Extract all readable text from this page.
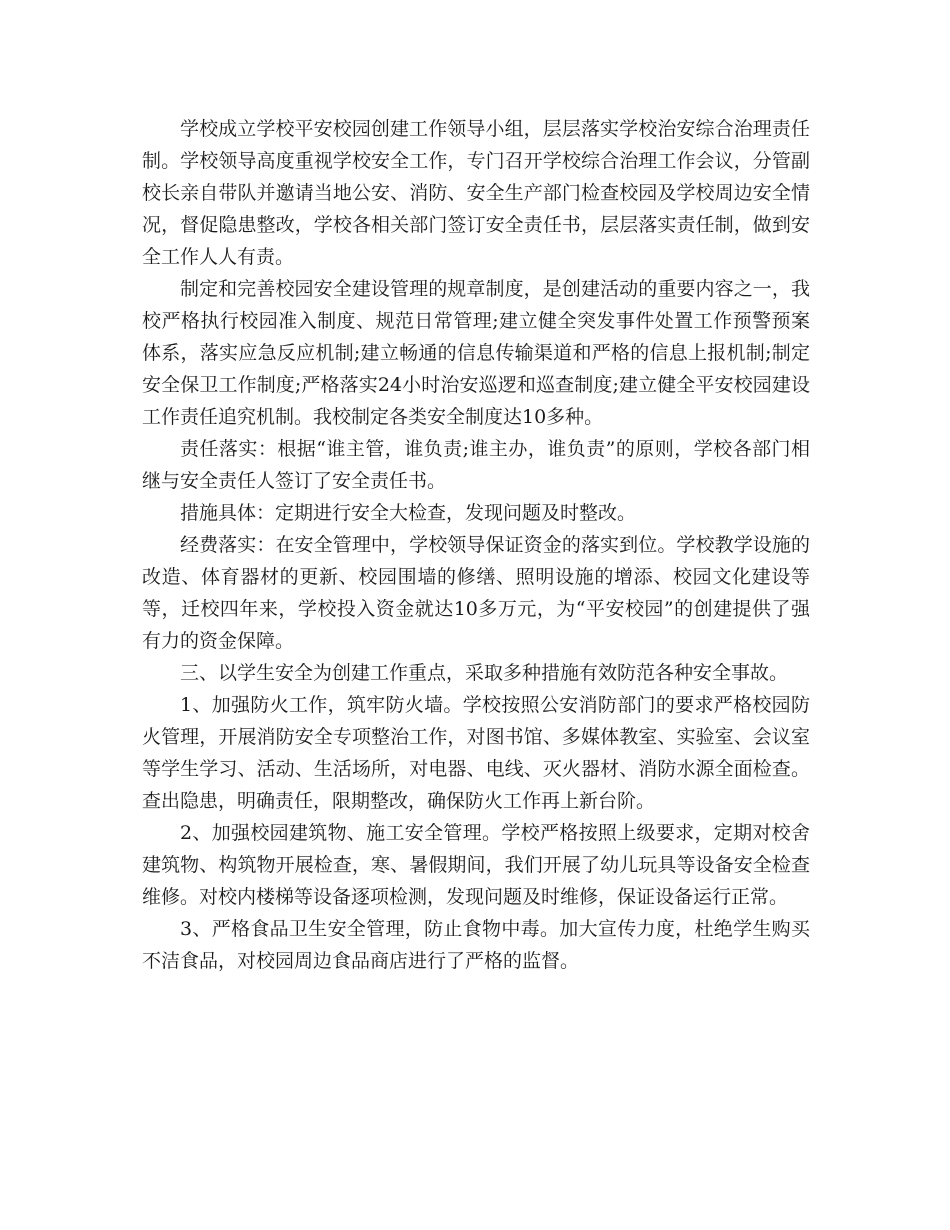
学校成立学校平安校园创建工作领导小组，层层落实学校治安综合治理责任制。学校领导高度重视学校安全工作，专门召开学校综合治理工作会议，分管副校长亲自带队并邀请当地公安、消防、安全生产部门检查校园及学校周边安全情况，督促隐患整改，学校各相关部门签订安全责任书，层层落实责任制，做到安全工作人人有责。

制定和完善校园安全建设管理的规章制度，是创建活动的重要内容之一，我校严格执行校园准入制度、规范日常管理;建立健全突发事件处置工作预警预案体系，落实应急反应机制;建立畅通的信息传输渠道和严格的信息上报机制;制定安全保卫工作制度;严格落实24小时治安巡逻和巡查制度;建立健全平安校园建设工作责任追究机制。我校制定各类安全制度达10多种。

责任落实：根据“谁主管，谁负责;谁主办，谁负责”的原则，学校各部门相继与安全责任人签订了安全责任书。

措施具体：定期进行安全大检查，发现问题及时整改。

经费落实：在安全管理中，学校领导保证资金的落实到位。学校教学设施的改造、体育器材的更新、校园围墙的修缮、照明设施的增添、校园文化建设等等，迁校四年来，学校投入资金就达10多万元，为“平安校园”的创建提供了强有力的资金保障。

三、以学生安全为创建工作重点，采取多种措施有效防范各种安全事故。

1、加强防火工作，筑牢防火墙。学校按照公安消防部门的要求严格校园防火管理，开展消防安全专项整治工作，对图书馆、多媒体教室、实验室、会议室等学生学习、活动、生活场所，对电器、电线、灭火器材、消防水源全面检查。查出隐患，明确责任，限期整改，确保防火工作再上新台阶。

2、加强校园建筑物、施工安全管理。学校严格按照上级要求，定期对校舍建筑物、构筑物开展检查，寒、暑假期间，我们开展了幼儿玩具等设备安全检查维修。对校内楼梯等设备逐项检测，发现问题及时维修，保证设备运行正常。

3、严格食品卫生安全管理，防止食物中毒。加大宣传力度，杜绝学生购买不洁食品，对校园周边食品商店进行了严格的监督。
